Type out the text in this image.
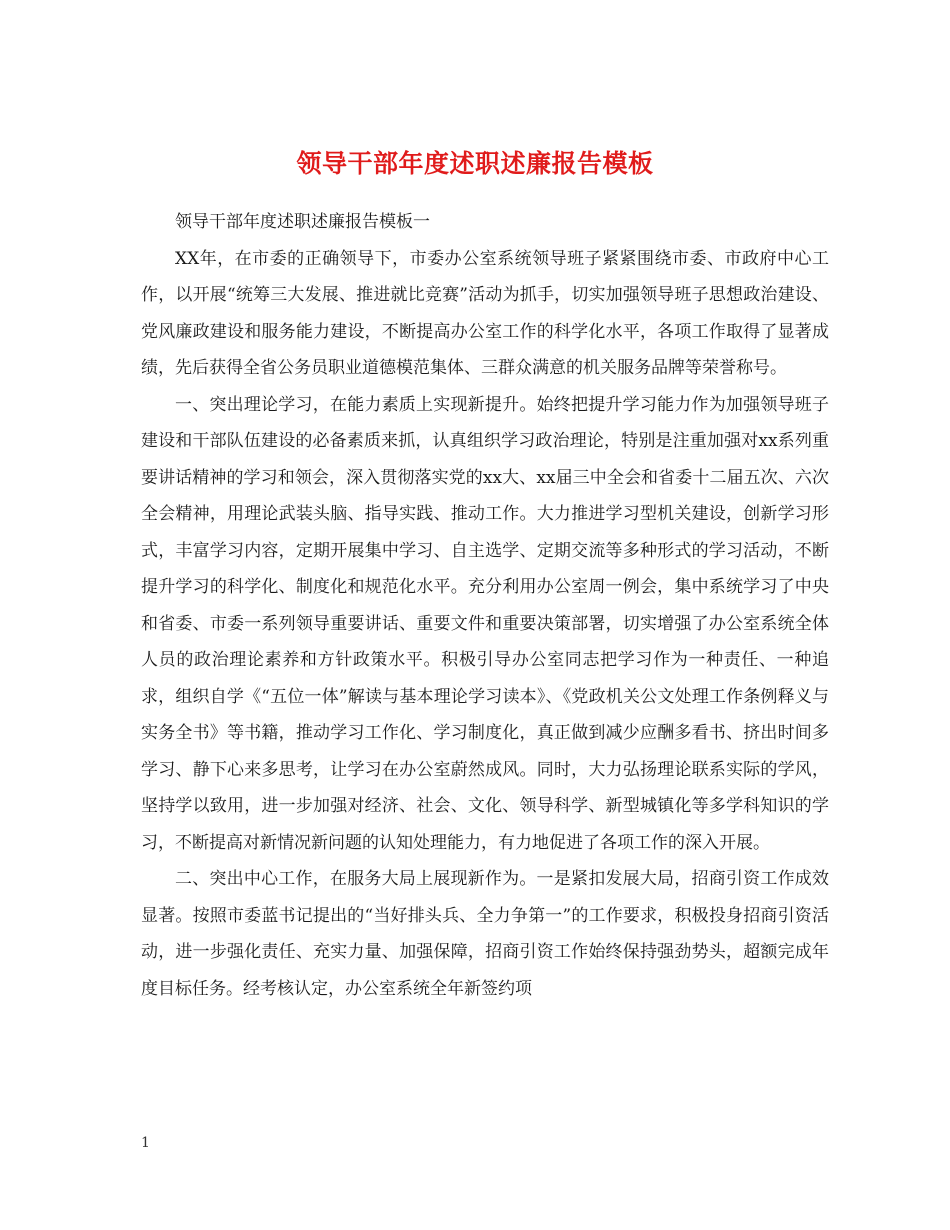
领导干部年度述职述廉报告模板

领导干部年度述职述廉报告模板一

XX年，在市委的正确领导下，市委办公室系统领导班子紧紧围绕市委、市政府中心工作，以开展“统筹三大发展、推进就比竞赛”活动为抓手，切实加强领导班子思想政治建设、党风廉政建设和服务能力建设，不断提高办公室工作的科学化水平，各项工作取得了显著成绩，先后获得全省公务员职业道德模范集体、三群众满意的机关服务品牌等荣誉称号。

一、突出理论学习，在能力素质上实现新提升。始终把提升学习能力作为加强领导班子建设和干部队伍建设的必备素质来抓，认真组织学习政治理论，特别是注重加强对xx系列重要讲话精神的学习和领会，深入贯彻落实党的xx大、xx届三中全会和省委十二届五次、六次全会精神，用理论武装头脑、指导实践、推动工作。大力推进学习型机关建设，创新学习形式，丰富学习内容，定期开展集中学习、自主选学、定期交流等多种形式的学习活动，不断提升学习的科学化、制度化和规范化水平。充分利用办公室周一例会，集中系统学习了中央和省委、市委一系列领导重要讲话、重要文件和重要决策部署，切实增强了办公室系统全体人员的政治理论素养和方针政策水平。积极引导办公室同志把学习作为一种责任、一种追求，组织自学《“五位一体”解读与基本理论学习读本》、《党政机关公文处理工作条例释义与实务全书》等书籍，推动学习工作化、学习制度化，真正做到减少应酬多看书、挤出时间多学习、静下心来多思考，让学习在办公室蔚然成风。同时，大力弘扬理论联系实际的学风，坚持学以致用，进一步加强对经济、社会、文化、领导科学、新型城镇化等多学科知识的学习，不断提高对新情况新问题的认知处理能力，有力地促进了各项工作的深入开展。

二、突出中心工作，在服务大局上展现新作为。一是紧扣发展大局，招商引资工作成效显著。按照市委蓝书记提出的“当好排头兵、全力争第一”的工作要求，积极投身招商引资活动，进一步强化责任、充实力量、加强保障，招商引资工作始终保持强劲势头，超额完成年度目标任务。经考核认定，办公室系统全年新签约项

1
